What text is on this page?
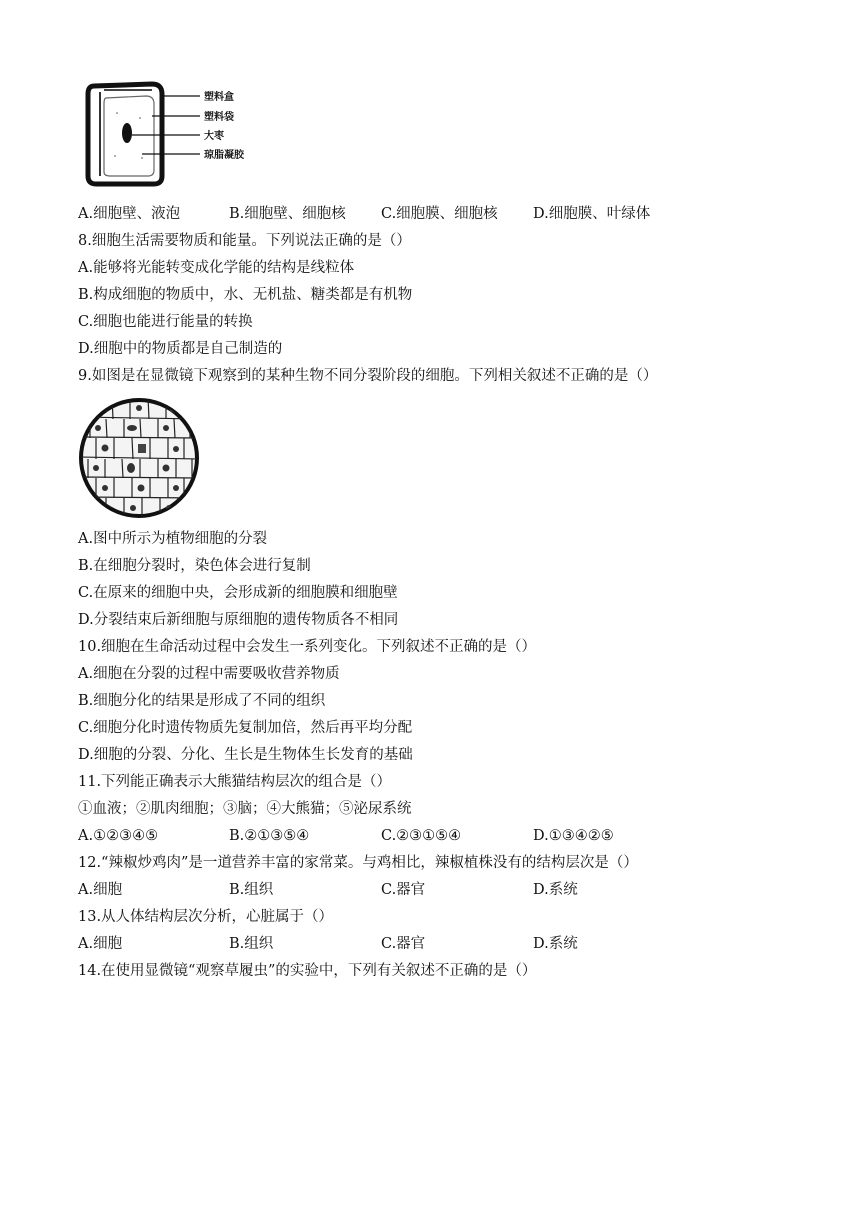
塑料盒
塑料袋
大枣
琼脂凝胶
A.细胞壁、液泡	B.细胞壁、细胞核 C.细胞膜、细胞核 D.细胞膜、叶绿体
8.细胞生活需要物质和能量。下列说法正确的是（）
A.能够将光能转变成化学能的结构是线粒体
B.构成细胞的物质中，水、无机盐、糖类都是有机物
C.细胞也能进行能量的转换
D.细胞中的物质都是自己制造的
9.如图是在显微镜下观察到的某种生物不同分裂阶段的细胞。下列相关叙述不正确的是（）
A.图中所示为植物细胞的分裂
B.在细胞分裂时，染色体会进行复制
C.在原来的细胞中央，会形成新的细胞膜和细胞壁
D.分裂结束后新细胞与原细胞的遗传物质各不相同
10.细胞在生命活动过程中会发生一系列变化。下列叙述不正确的是（）
A.细胞在分裂的过程中需要吸收营养物质
B.细胞分化的结果是形成了不同的组织
C.细胞分化时遗传物质先复制加倍，然后再平均分配
D.细胞的分裂、分化、生长是生物体生长发育的基础
11.下列能正确表示大熊猫结构层次的组合是（）
①血液；②肌肉细胞；③脑；④大熊猫；⑤泌尿系统
A.①②③④⑤	B.②①③⑤④	C.②③①⑤④	D.①③④②⑤
12.“辣椒炒鸡肉”是一道营养丰富的家常菜。与鸡相比，辣椒植株没有的结构层次是（）
A.细胞	B.组织	C.器官	D.系统
13.从人体结构层次分析，心脏属于（）
A.细胞	B.组织	C.器官	D.系统
14.在使用显微镜“观察草履虫”的实验中，下列有关叙述不正确的是（）
